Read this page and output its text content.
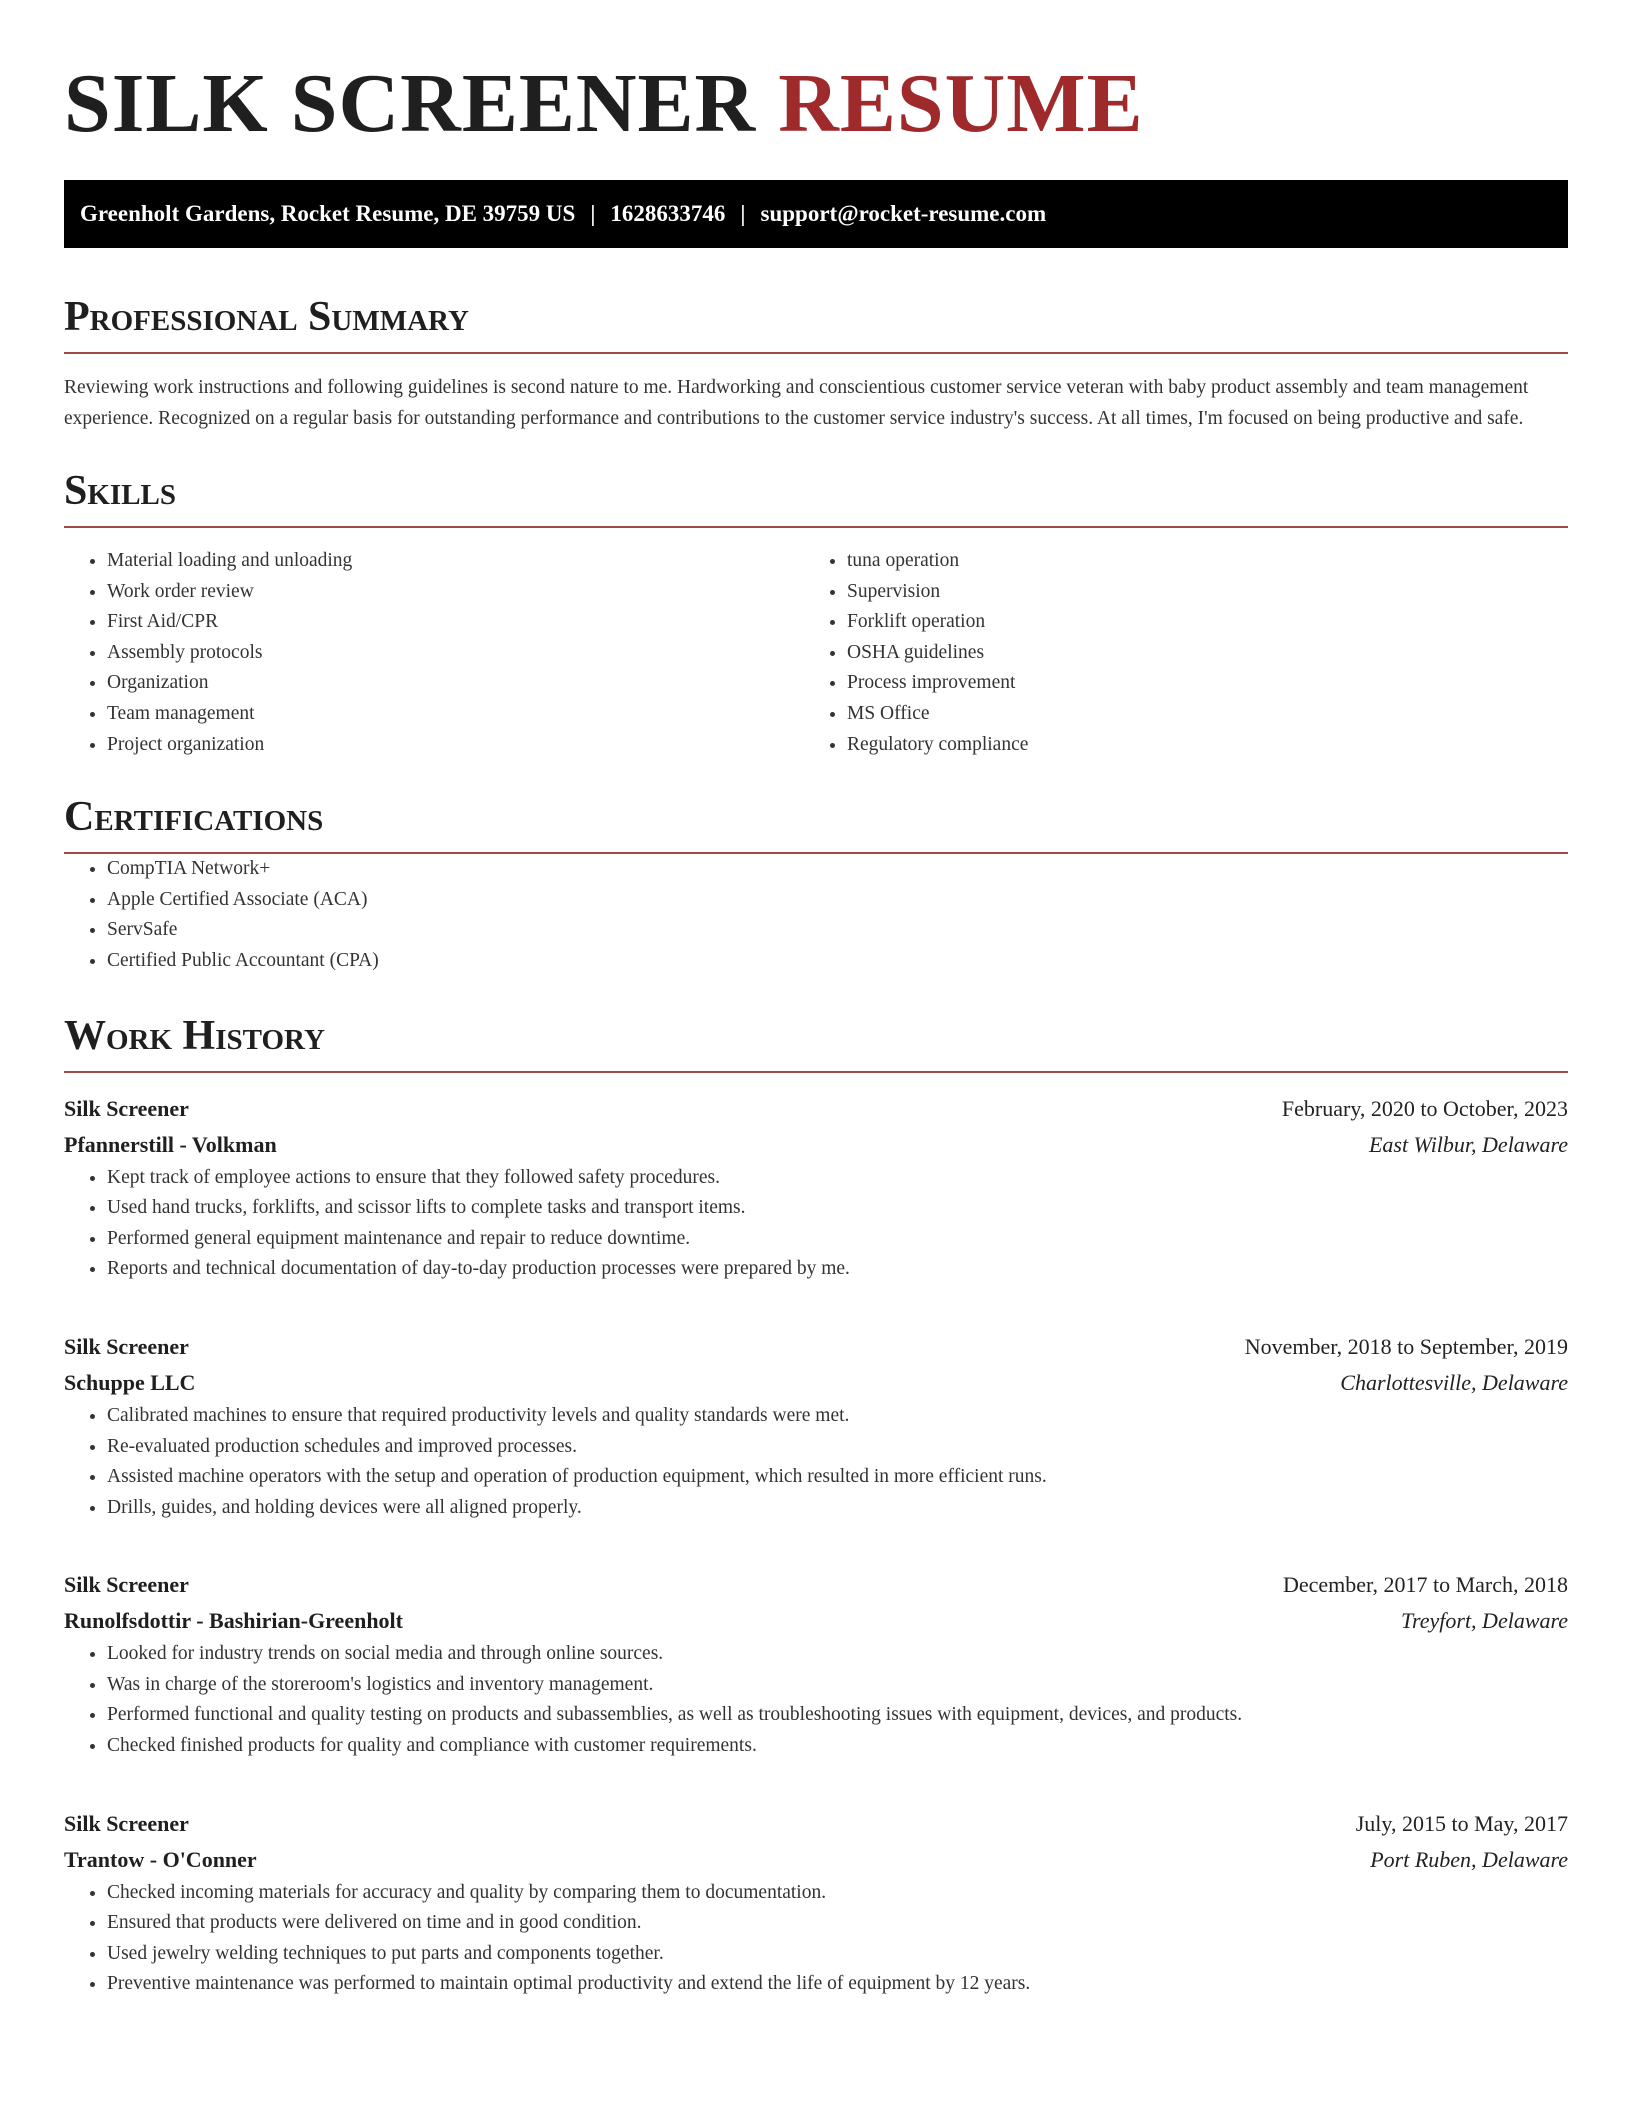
SILK SCREENER RESUME
Greenholt Gardens, Rocket Resume, DE 39759 US | 1628633746 | support@rocket-resume.com
Professional Summary

Reviewing work instructions and following guidelines is second nature to me. Hardworking and conscientious customer service veteran with baby product assembly and team management experience. Recognized on a regular basis for outstanding performance and contributions to the customer service industry's success. At all times, I'm focused on being productive and safe.

Skills
• Material loading and unloading
• Work order review
• First Aid/CPR
• Assembly protocols
• Organization
• Team management
• Project organization
• tuna operation
• Supervision
• Forklift operation
• OSHA guidelines
• Process improvement
• MS Office
• Regulatory compliance
Certifications
• CompTIA Network+
• Apple Certified Associate (ACA)
• ServSafe
• Certified Public Accountant (CPA)
Work History
Silk Screener	February, 2020 to October, 2023
Pfannerstill - Volkman	East Wilbur, Delaware
• Kept track of employee actions to ensure that they followed safety procedures.
• Used hand trucks, forklifts, and scissor lifts to complete tasks and transport items.
• Performed general equipment maintenance and repair to reduce downtime.
• Reports and technical documentation of day-to-day production processes were prepared by me.
Silk Screener	November, 2018 to September, 2019
Schuppe LLC	Charlottesville, Delaware
• Calibrated machines to ensure that required productivity levels and quality standards were met.
• Re-evaluated production schedules and improved processes.
• Assisted machine operators with the setup and operation of production equipment, which resulted in more efficient runs.
• Drills, guides, and holding devices were all aligned properly.
Silk Screener	December, 2017 to March, 2018
Runolfsdottir - Bashirian-Greenholt	Treyfort, Delaware
• Looked for industry trends on social media and through online sources.
• Was in charge of the storeroom's logistics and inventory management.
• Performed functional and quality testing on products and subassemblies, as well as troubleshooting issues with equipment, devices, and products.
• Checked finished products for quality and compliance with customer requirements.
Silk Screener	July, 2015 to May, 2017
Trantow - O'Conner	Port Ruben, Delaware
• Checked incoming materials for accuracy and quality by comparing them to documentation.
• Ensured that products were delivered on time and in good condition.
• Used jewelry welding techniques to put parts and components together.
• Preventive maintenance was performed to maintain optimal productivity and extend the life of equipment by 12 years.
